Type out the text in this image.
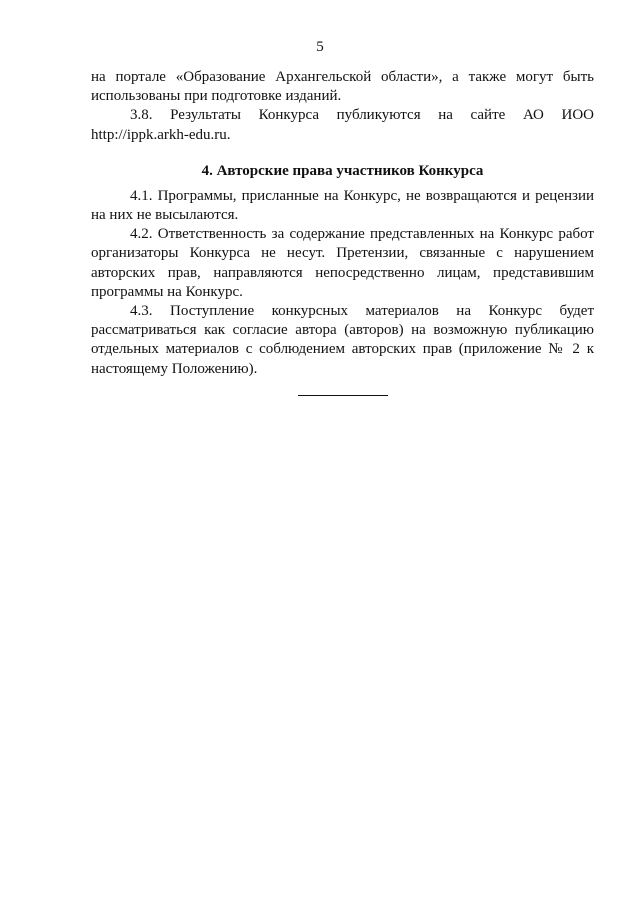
5

на портале «Образование Архангельской области», а также могут быть использованы при подготовке изданий.

3.8. Результаты Конкурса публикуются на сайте АО ИОО http://ippk.arkh-edu.ru.

4. Авторские права участников Конкурса

4.1. Программы, присланные на Конкурс, не возвращаются и рецензии на них не высылаются.

4.2. Ответственность за содержание представленных на Конкурс работ организаторы Конкурса не несут. Претензии, связанные с нарушением авторских прав, направляются непосредственно лицам, представившим программы на Конкурс.

4.3. Поступление конкурсных материалов на Конкурс будет рассматриваться как согласие автора (авторов) на возможную публикацию отдельных материалов с соблюдением авторских прав (приложение № 2 к настоящему Положению).
